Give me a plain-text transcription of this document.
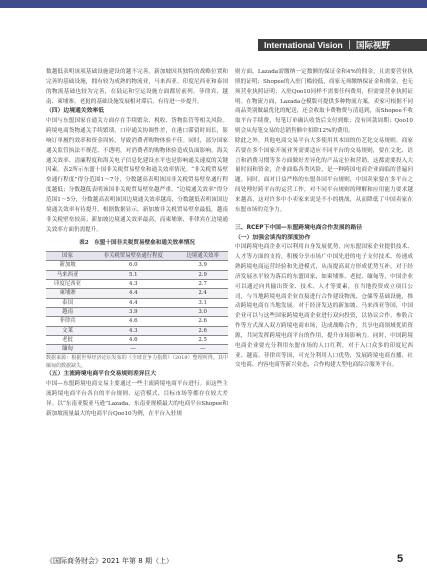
International Vision ｜ 国际视野

数越低表明该项基础设施建设的越不完善。新加坡因其独特的战略位置和完善的基础设施，拥有较为成熟的物流业，马来西亚、印度尼西亚和泰国的物流基础也较为完善，在陆运和空运设施方面都居前列。菲律宾、越南、柬埔寨、老挝的基础设施发展相对滞后，有待进一步提升。

（四）边境通关效率低

中国与东盟国家在通关方面存在手续繁杂、税收、货物监管等相关风险。跨境电商货物通关手续繁琐，口岸通关协调性差，在港口滞留时间长，影响订单履约效率和资金周转，导致消费者购物体验不佳。同时，部分国家通关监管执法不规范、不透明，对消费者的购物体验造成负面影响。海关通关效率、清廉程度和海关电子信息化建设水平也是影响通关速度的关键因素。表2所示东盟十国非关税贸易壁垒和通关效率情况。“非关税贸易壁垒通行程度”得分范围1～7分，分数越高表明该国非关税贸易壁垒通行程度越低；分数越低表明该国非关税贸易壁垒越严重。“边境通关效率”得分范围1～5分，分数越高表明该国边境通关效率越高，分数越低表明该国边境通关效率有待提升。根据数据显示，新加坡非关税贸易壁垒最低，越南非关税壁垒较高；新加坡边境通关效率最高，而柬埔寨、菲律宾在边境通关效率方面仍需提升。

表2　东盟十国非关税贸易壁垒和通关效率情况
国家	非关税贸易壁垒通行程度	边境通关效率
新加坡	6.0	3.9
马来西亚	5.1	2.9
印度尼西亚	4.3	2.7
柬埔寨	4.4	2.4
泰国	4.4	3.1
越南	3.9	3.0
菲律宾	4.6	2.6
文莱	4.3	2.6
老挝	4.6	2.5
缅甸	—	—

数据来源：根据世界经济论坛发布的《全球竞争力指数》（2019）整理所得。其中缅甸的数据缺失。

（五）主流跨境电商平台交易规则差异巨大

中国—东盟跨境电商交易主要通过一些主流跨境电商平台进行。而这些主流跨境电商平台各自的平台规则、运营模式、目标市场等都存在较大差异。以“东南亚版亚马逊”Lazada、东南亚规模最大的电商平台Shopee和新加坡流量最大的电商平台Qoo10为例，在平台入驻规

则方面，Lazada需缴纳一定数额的保证金和4%的佣金，且需要营业执照的证明；Shopee的入驻门槛较低，商家无须缴纳保证金和佣金，也无须营业执照证明；入驻Qoo10同样不需要任何费用，但需要营业执照证明。在物流方面，Lazada仓模版可提供多种物流方案，卖家可根据不同商品类别做最优化的配送，还会收取卡费物费与清退到，而Shopee不收取平台手续费，每笔订单确认收货后支付到账；没有回款周期；Qoo10则会从每笔交易的总销售额中扣除12%的费用。

除此之外，其他电商交易平台大多使用其本国的仿艺化交易规则。商家若要在多个国家开展业务需要适应不同平台的交易规则，要在文化、语言和消费习惯等多方面做好差异化的产品定位和营销，这都需要投入大量时间和资金，企业面临各类风险，是一种跨国电商企业面临的普遍问题。同时，面对日益严格的东盟各国平台规则，中国卖家要在多平台之间处理好跨平台的运营工作，对不同平台规则的理解和应用能力要求越来越高，这对许多中小卖家来说是不小的挑战，从而降低了中国卖家在东盟市场的竞争力。

三、RCEP下中国—东盟跨境电商合作发展的路径

（一）加强会谈沟的深度协作

中国跨境电商企业可以利用自身发展优势，向东盟国家企业提供技术、人才等方面的支持，积极分享市场广中国先进的电子支付技术、传递成熟跨境电商运营经验和先进模式，从而提高双方形成优势互补，对于经济发展水平较为落后的东盟国家，如柬埔寨、老挝、缅甸等，中国企业可以通过向其输出资金、技术、人才等要素，在当地投资成立项目公司，与当地跨境电商企业直接进行合作建设物流、仓储等基础设施，推动跨境电商在当地发展。对于经济发达的新加坡、马来西亚等国，中国企业可以与这些国家跨境电商企业进行双向投资，以协议合作、参股合作等方式深入双方跨境电商市场，达成战略合作，共享电商领域优质资源，共同发挥跨境电商平台的作用，提升市场影响力。同时，中国跨境电商企业要充分利用东盟市场的人口红利，对于入口众多的印度尼西亚、越南、菲律宾等国，可充分利用人口优势，发展跨境电商直播、社交电商、内容电商等新兴业态，合作构建大型电商综合服务平台。

《国际商务财会》2021 年第 8 期（上）	5
